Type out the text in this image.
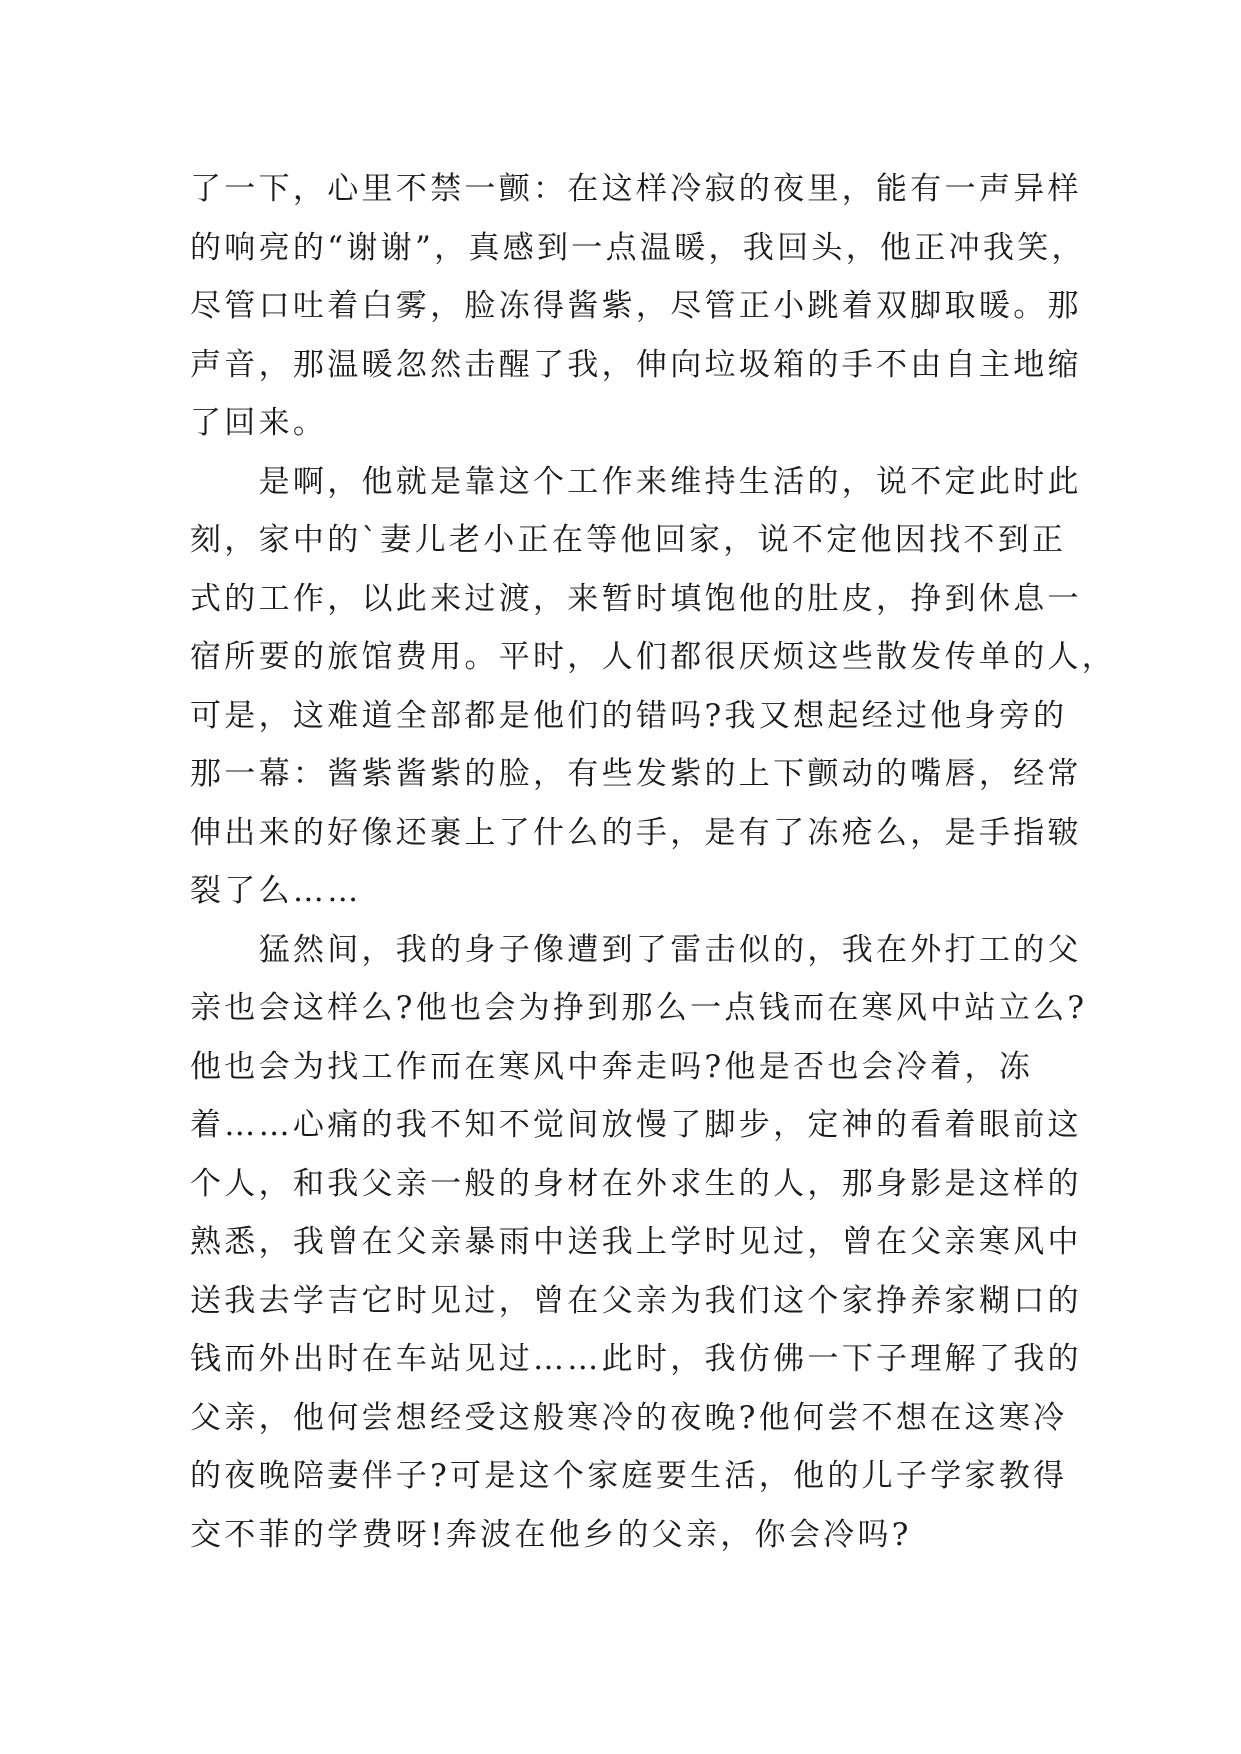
了一下，心里不禁一颤：在这样冷寂的夜里，能有一声异样
的响亮的“谢谢”，真感到一点温暖，我回头，他正冲我笑，
尽管口吐着白雾，脸冻得酱紫，尽管正小跳着双脚取暖。那
声音，那温暖忽然击醒了我，伸向垃圾箱的手不由自主地缩
了回来。
　　是啊，他就是靠这个工作来维持生活的，说不定此时此
刻，家中的`妻儿老小正在等他回家，说不定他因找不到正
式的工作，以此来过渡，来暂时填饱他的肚皮，挣到休息一
宿所要的旅馆费用。平时，人们都很厌烦这些散发传单的人，
可是，这难道全部都是他们的错吗?我又想起经过他身旁的
那一幕：酱紫酱紫的脸，有些发紫的上下颤动的嘴唇，经常
伸出来的好像还裹上了什么的手，是有了冻疮么，是手指皲
裂了么……
　　猛然间，我的身子像遭到了雷击似的，我在外打工的父
亲也会这样么?他也会为挣到那么一点钱而在寒风中站立么?
他也会为找工作而在寒风中奔走吗?他是否也会冷着，冻
着……心痛的我不知不觉间放慢了脚步，定神的看着眼前这
个人，和我父亲一般的身材在外求生的人，那身影是这样的
熟悉，我曾在父亲暴雨中送我上学时见过，曾在父亲寒风中
送我去学吉它时见过，曾在父亲为我们这个家挣养家糊口的
钱而外出时在车站见过……此时，我仿佛一下子理解了我的
父亲，他何尝想经受这般寒冷的夜晚?他何尝不想在这寒冷
的夜晚陪妻伴子?可是这个家庭要生活，他的儿子学家教得
交不菲的学费呀!奔波在他乡的父亲，你会冷吗?
